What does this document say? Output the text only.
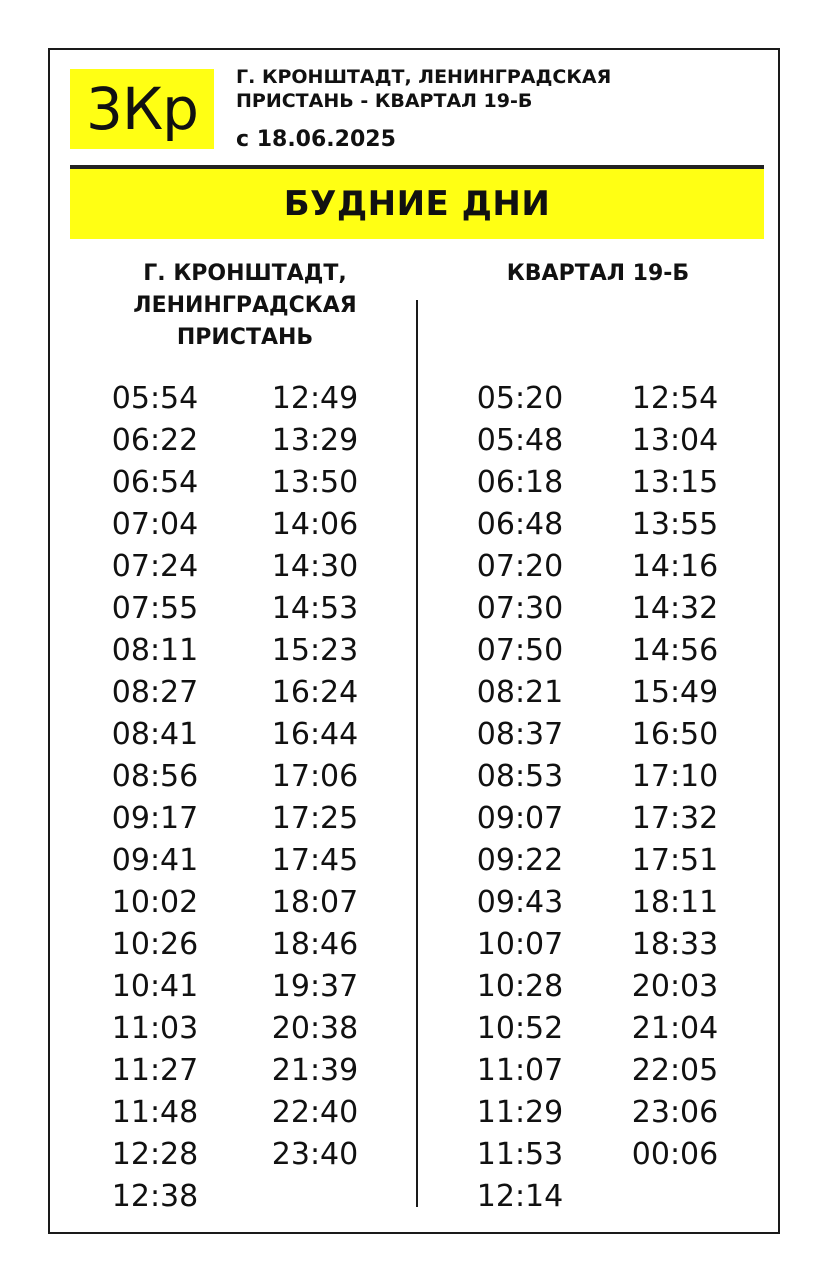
3Кр Г. КРОНШТАДТ, ЛЕНИНГРАДСКАЯ
ПРИСТАНЬ - КВАРТАЛ 19-Б
с 18.06.2025
БУДНИЕ ДНИ
Г. КРОНШТАДТ,
ЛЕНИНГРАДСКАЯ
ПРИСТАНЬ
КВАРТАЛ 19-Б
05:54
06:22
06:54
07:04
07:24
07:55
08:11
08:27
08:41
08:56
09:17
09:41
10:02
10:26
10:41
11:03
11:27
11:48
12:28
12:38
12:49
13:29
13:50
14:06
14:30
14:53
15:23
16:24
16:44
17:06
17:25
17:45
18:07
18:46
19:37
20:38
21:39
22:40
23:40
05:20
05:48
06:18
06:48
07:20
07:30
07:50
08:21
08:37
08:53
09:07
09:22
09:43
10:07
10:28
10:52
11:07
11:29
11:53
12:14
12:54
13:04
13:15
13:55
14:16
14:32
14:56
15:49
16:50
17:10
17:32
17:51
18:11
18:33
20:03
21:04
22:05
23:06
00:06
